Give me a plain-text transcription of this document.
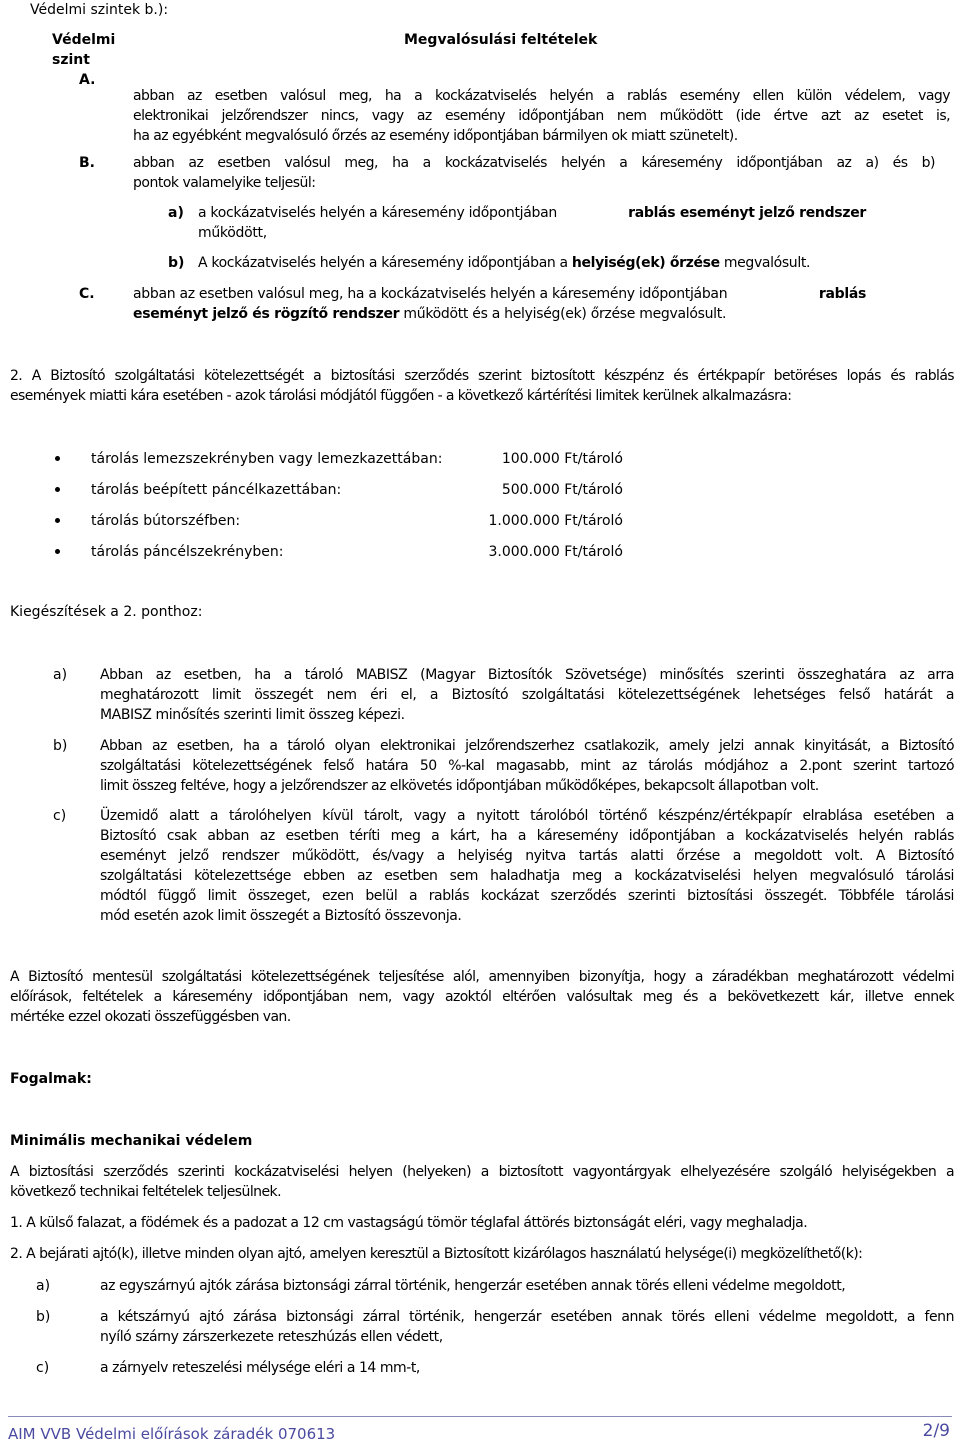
Védelmi szintek b.):
Védelmi
szint
Megvalósulási feltételek
A.
abban az esetben valósul meg, ha a kockázatviselés helyén a rablás esemény ellen külön védelem, vagy
elektronikai jelzőrendszer nincs, vagy az esemény időpontjában nem működött (ide értve azt az esetet is,
ha az egyébként megvalósuló őrzés az esemény időpontjában bármilyen ok miatt szünetelt).
B.	abban az esetben valósul meg, ha a kockázatviselés helyén a káresemény időpontjában az a) és b)
pontok valamelyike teljesül:
a) a kockázatviselés helyén a káresemény időpontjában	rablás eseményt jelző rendszer
működött,
b) A kockázatviselés helyén a káresemény időpontjában a helyiség(ek) őrzése megvalósult.
C.	abban az esetben valósul meg, ha a kockázatviselés helyén a káresemény időpontjában	rablás
eseményt jelző és rögzítő rendszer működött és a helyiség(ek) őrzése megvalósult.
2. A Biztosító szolgáltatási kötelezettségét a biztosítási szerződés szerint biztosított készpénz és értékpapír betöréses lopás és rablás
események miatti kára esetében - azok tárolási módjától függően - a következő kártérítési limitek kerülnek alkalmazásra:
tárolás lemezszekrényben vagy lemezkazettában:	100.000 Ft/tároló
tárolás beépített páncélkazettában:	500.000 Ft/tároló
tárolás bútorszéfben:	1.000.000 Ft/tároló
tárolás páncélszekrényben:	3.000.000 Ft/tároló
Kiegészítések a 2. ponthoz:
a) Abban az esetben, ha a tároló MABISZ (Magyar Biztosítók Szövetsége) minősítés szerinti összeghatára az arra
meghatározott limit összegét nem éri el, a Biztosító szolgáltatási kötelezettségének lehetséges felső határát a
MABISZ minősítés szerinti limit összeg képezi.
b) Abban az esetben, ha a tároló olyan elektronikai jelzőrendszerhez csatlakozik, amely jelzi annak kinyitását, a Biztosító
szolgáltatási kötelezettségének felső határa 50 %-kal magasabb, mint az tárolás módjához a 2.pont szerint tartozó
limit összeg feltéve, hogy a jelzőrendszer az elkövetés időpontjában működőképes, bekapcsolt állapotban volt.
c) Üzemidő alatt a tárolóhelyen kívül tárolt, vagy a nyitott tárolóból történő készpénz/értékpapír elrablása esetében a
Biztosító csak abban az esetben téríti meg a kárt, ha a káresemény időpontjában a kockázatviselés helyén rablás
eseményt jelző rendszer működött, és/vagy a helyiség nyitva tartás alatti őrzése a megoldott volt. A Biztosító
szolgáltatási kötelezettsége ebben az esetben sem haladhatja meg a kockázatviselési helyen megvalósuló tárolási
módtól függő limit összeget, ezen belül a rablás kockázat szerződés szerinti biztosítási összegét. Többféle tárolási
mód esetén azok limit összegét a Biztosító összevonja.
A Biztosító mentesül szolgáltatási kötelezettségének teljesítése alól, amennyiben bizonyítja, hogy a záradékban meghatározott védelmi
előírások, feltételek a káresemény időpontjában nem, vagy azoktól eltérően valósultak meg és a bekövetkezett kár, illetve ennek
mértéke ezzel okozati összefüggésben van.
Fogalmak:
Minimális mechanikai védelem
A biztosítási szerződés szerinti kockázatviselési helyen (helyeken) a biztosított vagyontárgyak elhelyezésére szolgáló helyiségekben a
következő technikai feltételek teljesülnek.
1. A külső falazat, a födémek és a padozat a 12 cm vastagságú tömör téglafal áttörés biztonságát eléri, vagy meghaladja.
2. A bejárati ajtó(k), illetve minden olyan ajtó, amelyen keresztül a Biztosított kizárólagos használatú helysége(i) megközelíthető(k):
a)	az egyszárnyú ajtók zárása biztonsági zárral történik, hengerzár esetében annak törés elleni védelme megoldott,
b)	a kétszárnyú ajtó zárása biztonsági zárral történik, hengerzár esetében annak törés elleni védelme megoldott, a fenn
nyíló szárny zárszerkezete reteszhúzás ellen védett,
c)	a zárnyelv reteszelési mélysége eléri a 14 mm-t,
AIM VVB Védelmi előírások záradék 070613	2/9
